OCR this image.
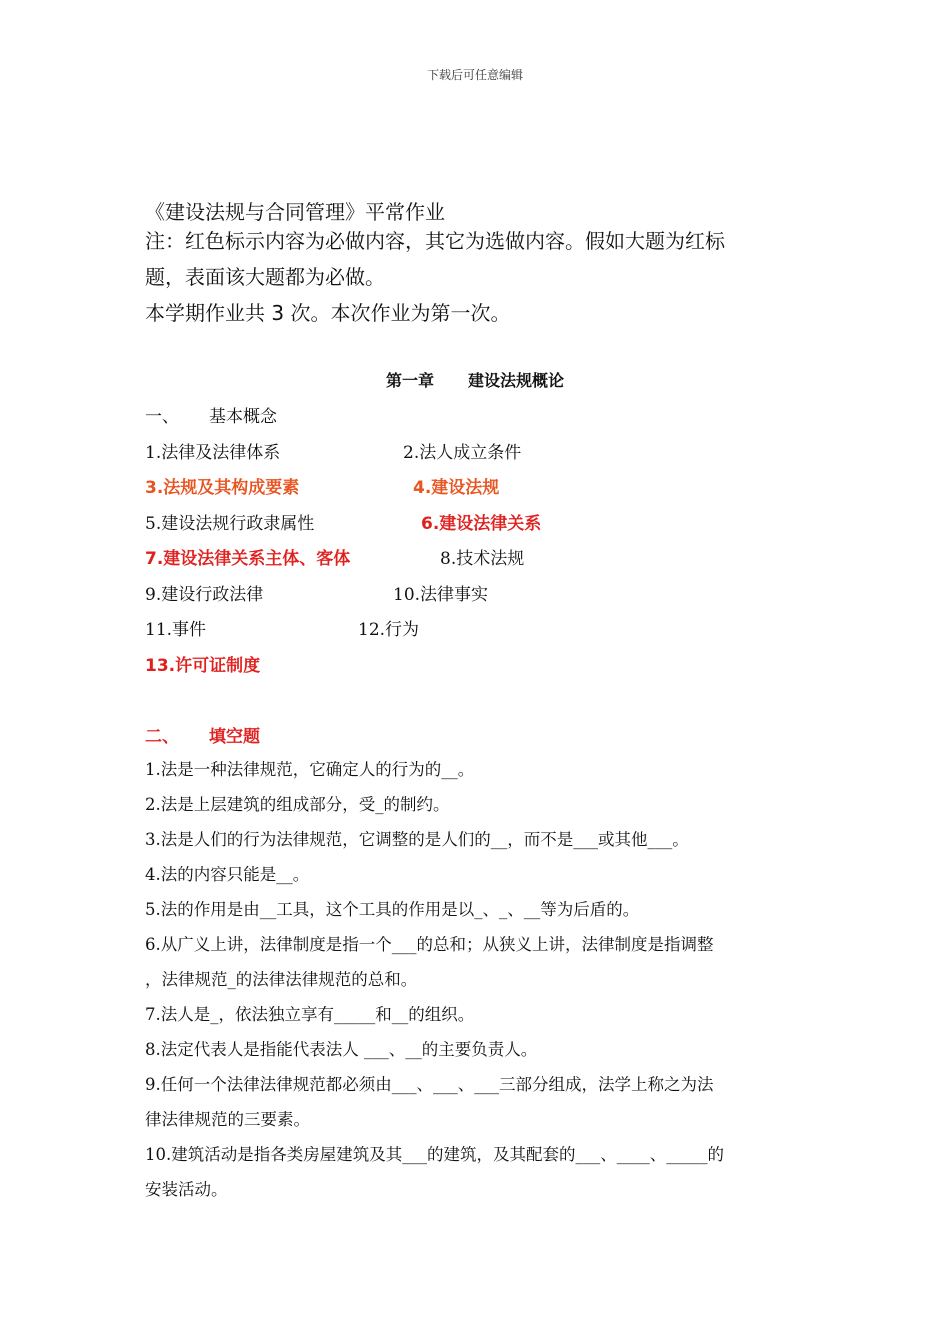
下载后可任意编辑
《建设法规与合同管理》平常作业

注：红色标示内容为必做内容，其它为选做内容。假如大题为红标

题，表面该大题都为必做。

本学期作业共 3 次。本次作业为第一次。

第一章 建设法规概论
一、 基本概念
1.法律及法律体系	2.法人成立条件
3.法规及其构成要素	4.建设法规
5.建设法规行政隶属性	6.建设法律关系
7.建设法律关系主体、客体	8.技术法规
9.建设行政法律	10.法律事实
11.事件	12.行为
13.许可证制度
二、 填空题

1.法是一种法律规范，它确定人的行为的__。

2.法是上层建筑的组成部分，受_的制约。

3.法是人们的行为法律规范，它调整的是人们的__，而不是___或其他___。

4.法的内容只能是__。

5.法的作用是由__工具，这个工具的作用是以_、_、__等为后盾的。

6.从广义上讲，法律制度是指一个___的总和；从狭义上讲，法律制度是指调整

，法律规范_的法律法律规范的总和。

7.法人是_，依法独立享有_____和__的组织。

8.法定代表人是指能代表法人 ___、__的主要负责人。

9.任何一个法律法律规范都必须由___、___、___三部分组成，法学上称之为法

律法律规范的三要素。

10.建筑活动是指各类房屋建筑及其___的建筑，及其配套的___、____、_____的

安装活动。
